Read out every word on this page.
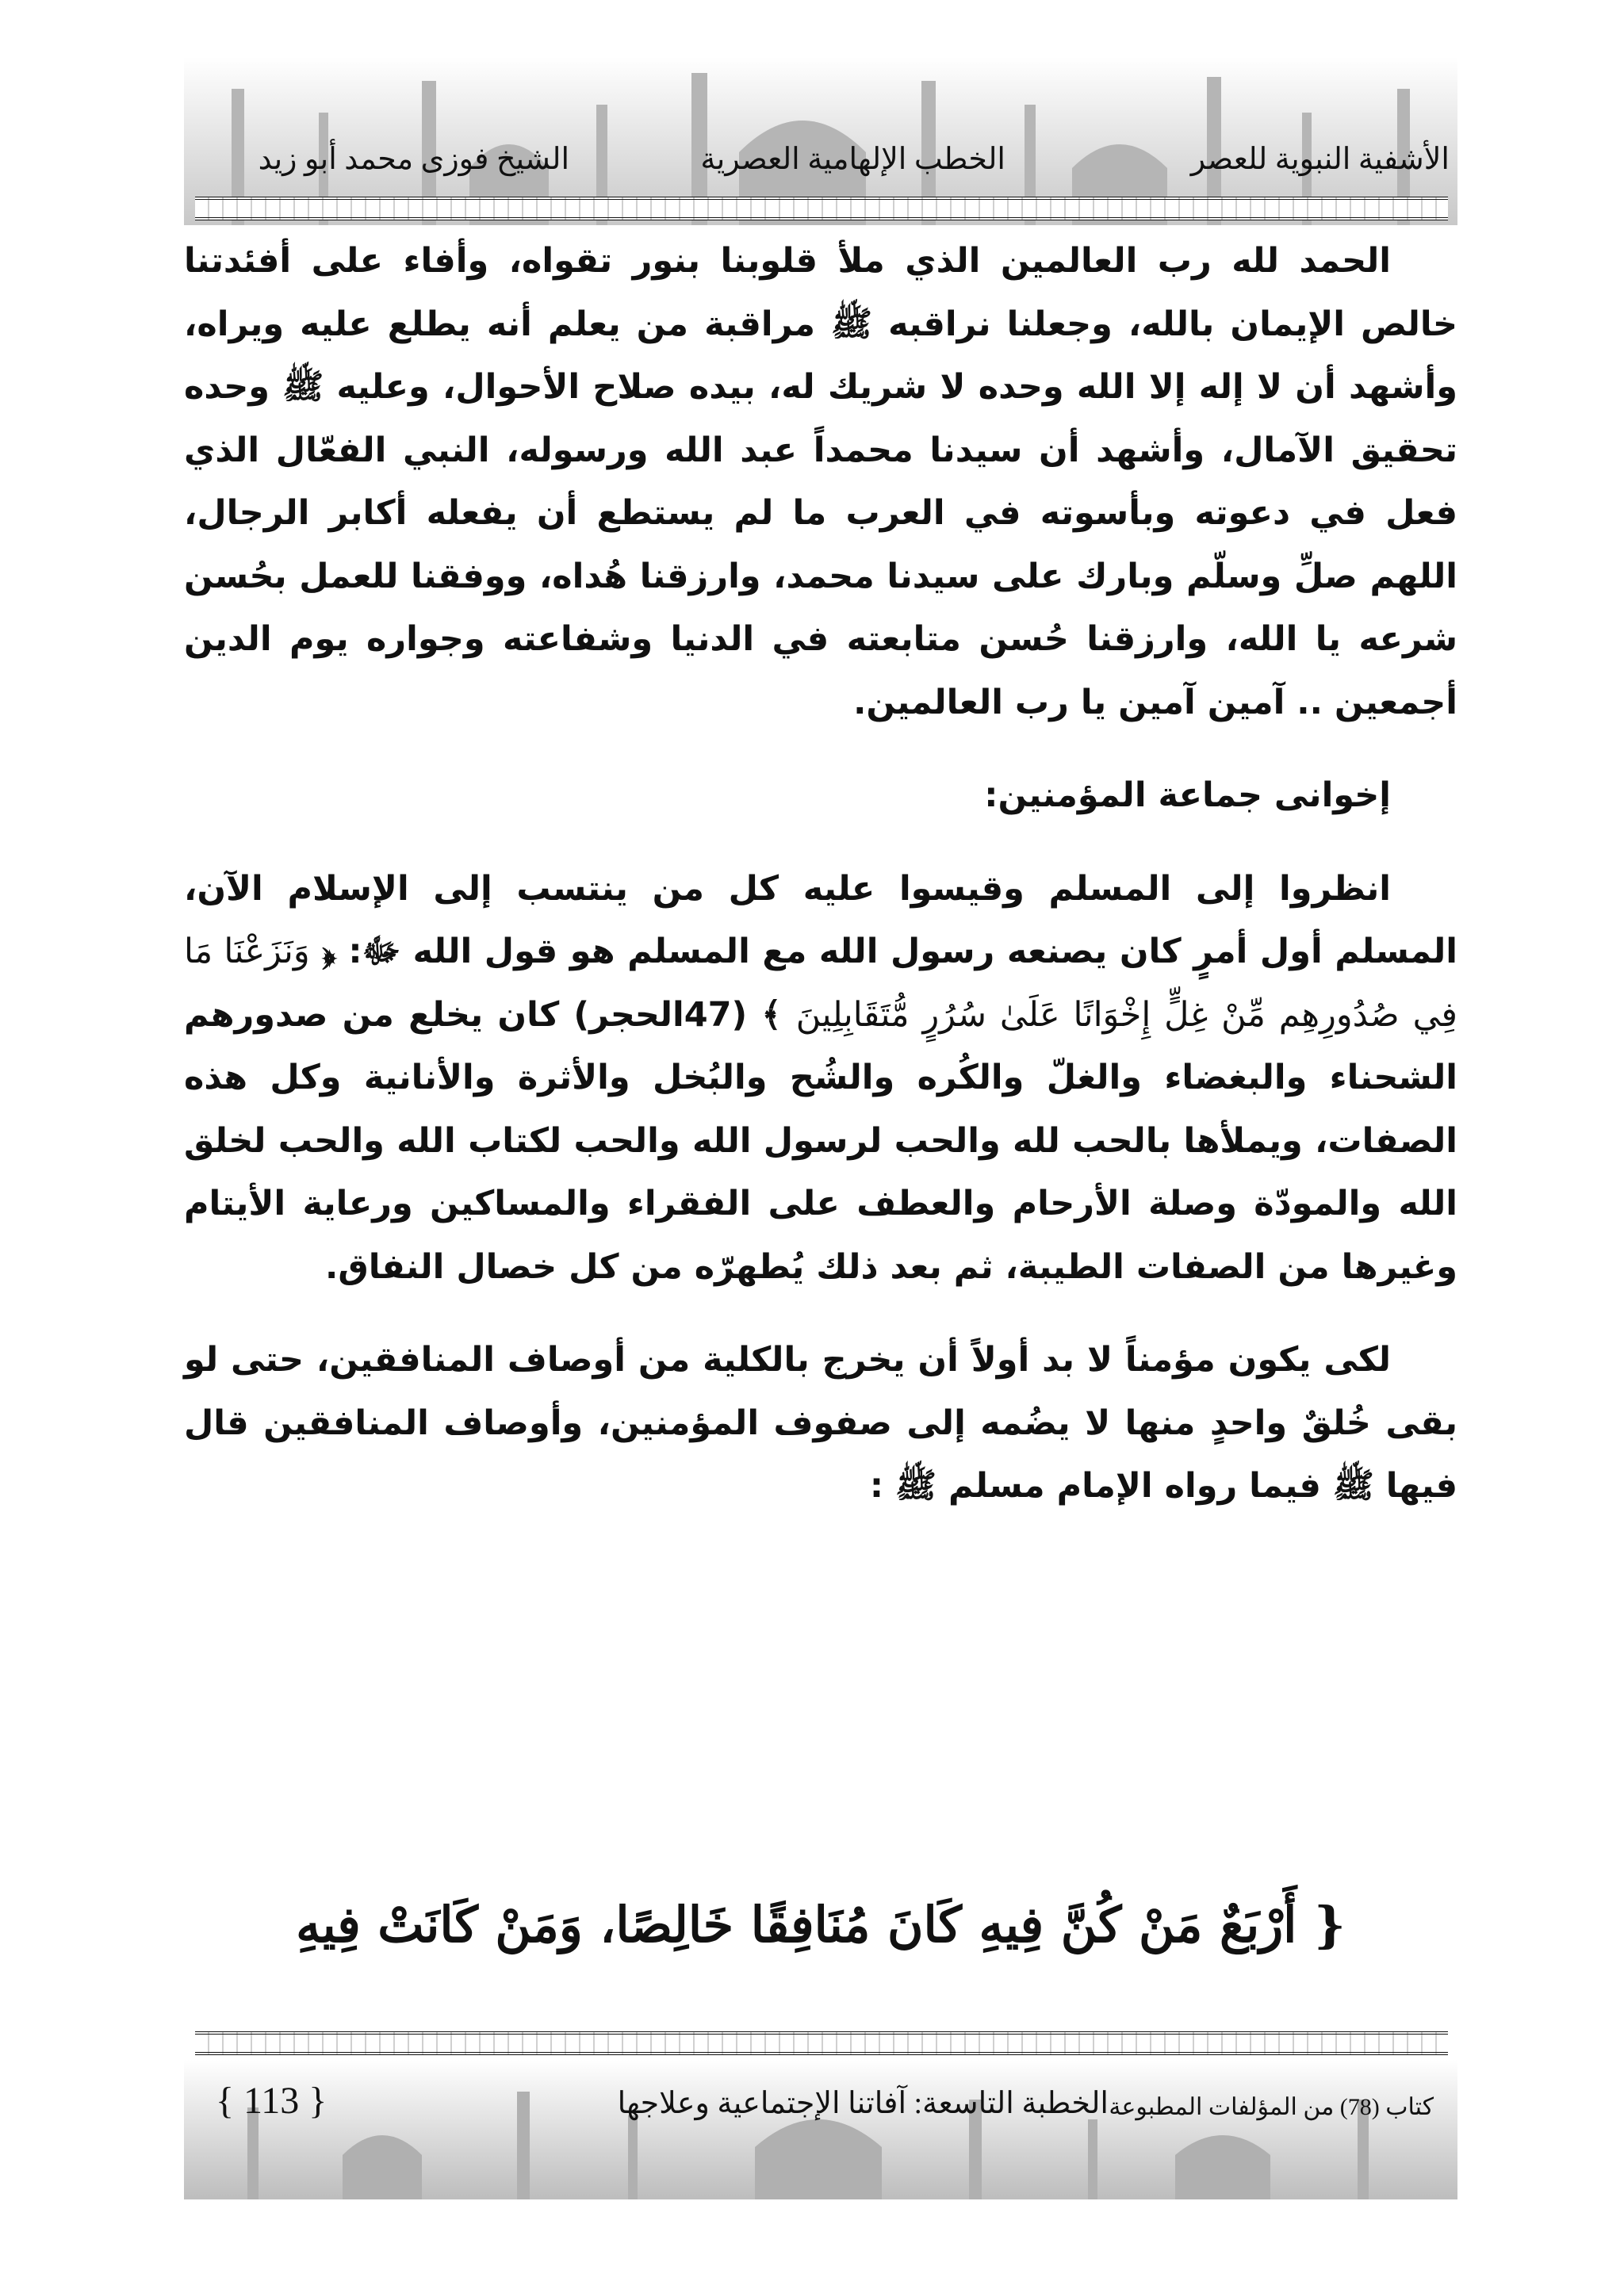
الأشفية النبوية للعصر
الخطب الإلهامية العصرية
الشيخ فوزى محمد أبو زيد

الحمد لله رب العالمين الذي ملأ قلوبنا بنور تقواه، وأفاء على أفئدتنا خالص الإيمان بالله، وجعلنا نراقبه ﷺ مراقبة من يعلم أنه يطلع عليه ويراه، وأشهد أن لا إله إلا الله وحده لا شريك له، بيده صلاح الأحوال، وعليه ﷺ وحده تحقيق الآمال، وأشهد أن سيدنا محمداً عبد الله ورسوله، النبي الفعّال الذي فعل في دعوته وبأسوته في العرب ما لم يستطع أن يفعله أكابر الرجال، اللهم صلِّ وسلّم وبارك على سيدنا محمد، وارزقنا هُداه، ووفقنا للعمل بحُسن شرعه يا الله، وارزقنا حُسن متابعته في الدنيا وشفاعته وجواره يوم الدين أجمعين .. آمين آمين يا رب العالمين.

إخوانى جماعة المؤمنين:

انظروا إلى المسلم وقيسوا عليه كل من ينتسب إلى الإسلام الآن، المسلم أول أمرٍ كان يصنعه رسول الله مع المسلم هو قول الله ﷻ: ﴿ وَنَزَعْنَا مَا فِي صُدُورِهِم مِّنْ غِلٍّ إِخْوَانًا عَلَىٰ سُرُرٍ مُّتَقَابِلِينَ ﴾ (47الحجر) كان يخلع من صدورهم الشحناء والبغضاء والغلّ والكُره والشُح والبُخل والأثرة والأنانية وكل هذه الصفات، ويملأها بالحب لله والحب لرسول الله والحب لكتاب الله والحب لخلق الله والمودّة وصلة الأرحام والعطف على الفقراء والمساكين ورعاية الأيتام وغيرها من الصفات الطيبة، ثم بعد ذلك يُطهرّه من كل خصال النفاق.

لكى يكون مؤمناً لا بد أولاً أن يخرج بالكلية من أوصاف المنافقين، حتى لو بقى خُلقٌ واحدٍ منها لا يضُمه إلى صفوف المؤمنين، وأوصاف المنافقين قال فيها ﷺ فيما رواه الإمام مسلم ﷺ :

{ أَرْبَعٌ مَنْ كُنَّ فِيهِ كَانَ مُنَافِقًا خَالِصًا، وَمَنْ كَانَتْ فِيهِ
كتاب (78) من المؤلفات المطبوعة
الخطبة التاسعة: آفاتنا الإجتماعية وعلاجها
{ 113 }
